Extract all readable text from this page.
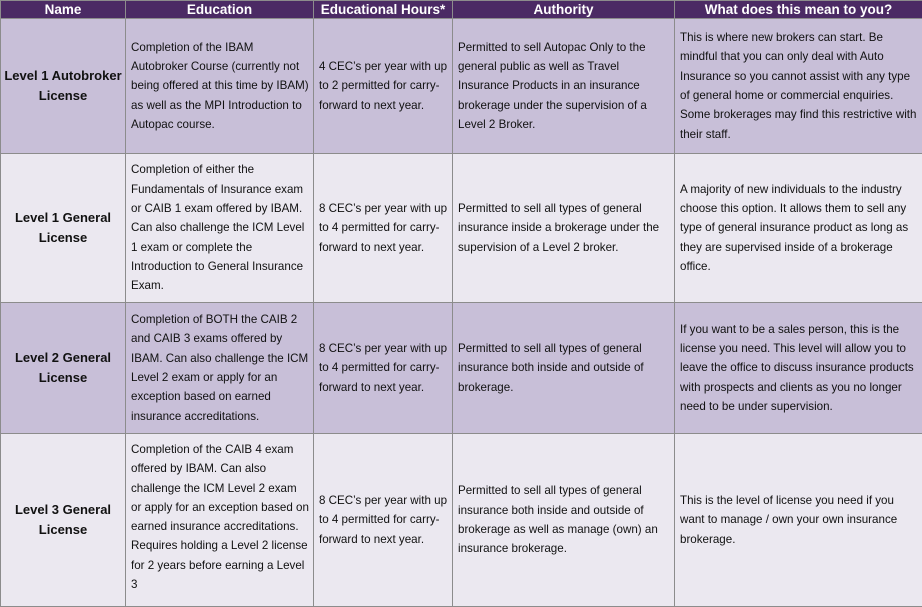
Name	Education	Educational Hours*	Authority	What does this mean to you?

Level 1 Autobroker License	Completion of the IBAM Autobroker Course (currently not being offered at this time by IBAM) as well as the MPI Introduction to Autopac course.	4 CEC’s per year with up to 2 permitted for carry-forward to next year.	Permitted to sell Autopac Only to the general public as well as Travel Insurance Products in an insurance brokerage under the supervision of a Level 2 Broker.	This is where new brokers can start. Be mindful that you can only deal with Auto Insurance so you cannot assist with any type of general home or commercial enquiries. Some brokerages may find this restrictive with their staff.

Level 1 General License	Completion of either the Fundamentals of Insurance exam or CAIB 1 exam offered by IBAM. Can also challenge the ICM Level 1 exam or complete the Introduction to General Insurance Exam.	8 CEC’s per year with up to 4 permitted for carry-forward to next year.	Permitted to sell all types of general insurance inside a brokerage under the supervision of a Level 2 broker.	A majority of new individuals to the industry choose this option. It allows them to sell any type of general insurance product as long as they are supervised inside of a brokerage office.

Level 2 General License	Completion of BOTH the CAIB 2 and CAIB 3 exams offered by IBAM. Can also challenge the ICM Level 2 exam or apply for an exception based on earned insurance accreditations.	8 CEC’s per year with up to 4 permitted for carry-forward to next year.	Permitted to sell all types of general insurance both inside and outside of brokerage.	If you want to be a sales person, this is the license you need. This level will allow you to leave the office to discuss insurance products with prospects and clients as you no longer need to be under supervision.

Level 3 General License	Completion of the CAIB 4 exam offered by IBAM. Can also challenge the ICM Level 2 exam or apply for an exception based on earned insurance accreditations. Requires holding a Level 2 license for 2 years before earning a Level 3	8 CEC’s per year with up to 4 permitted for carry-forward to next year.	Permitted to sell all types of general insurance both inside and outside of brokerage as well as manage (own) an insurance brokerage.	This is the level of license you need if you want to manage / own your own insurance brokerage.
